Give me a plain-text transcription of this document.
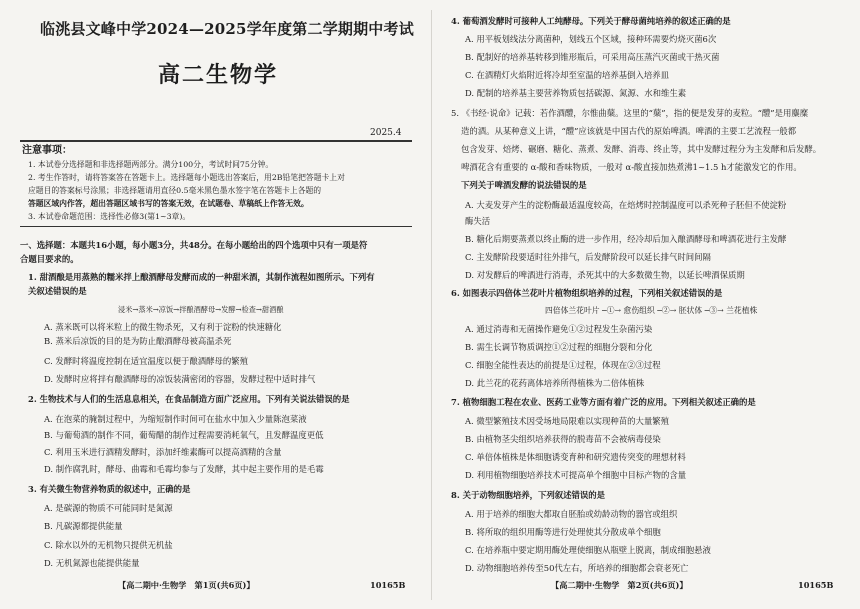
临洮县文峰中学2024—2025学年度第二学期期中考试
高二生物学
2025.4
注意事项：
1. 本试卷分选择题和非选择题两部分。满分100分，考试时间75分钟。
2. 考生作答时，请将答案答在答题卡上。选择题每小题选出答案后，用2B铅笔把答题卡上对
应题目的答案标号涂黑；非选择题请用直径0.5毫米黑色墨水签字笔在答题卡上各题的
答题区域内作答，超出答题区域书写的答案无效，在试题卷、草稿纸上作答无效。
3. 本试卷命题范围：选择性必修3(第1~3章)。
一、选择题：本题共16小题，每小题3分，共48分。在每小题给出的四个选项中只有一项是符
合题目要求的。
1. 甜酒酿是用蒸熟的糯米拌上酿酒酵母发酵而成的一种甜米酒，其制作流程如图所示。下列有
关叙述错误的是
浸米→蒸米→凉饭→拌酿酒酵母→发酵→检查→甜酒酿
A. 蒸米既可以将米粒上的微生物杀死，又有利于淀粉的快速糖化
B. 蒸米后凉饭的目的是为防止酿酒酵母被高温杀死
C. 发酵时将温度控制在适宜温度以便于酿酒酵母的繁殖
D. 发酵时应将拌有酿酒酵母的凉饭装满密闭的容器，发酵过程中适时排气
2. 生物技术与人们的生活息息相关，在食品制造方面广泛应用。下列有关说法错误的是
A. 在泡菜的腌制过程中，为缩短制作时间可在盐水中加入少量陈泡菜液
B. 与葡萄酒的制作不同，葡萄醋的制作过程需要消耗氧气，且发酵温度更低
C. 利用玉米进行酒精发酵时，添加纤维素酶可以提高酒精的含量
D. 制作腐乳时，酵母、曲霉和毛霉均参与了发酵，其中起主要作用的是毛霉
3. 有关微生物营养物质的叙述中，正确的是
A. 是碳源的物质不可能同时是氮源
B. 凡碳源都提供能量
C. 除水以外的无机物只提供无机盐
D. 无机氮源也能提供能量
【高二期中·生物学　第1页(共6页)】	10165B
4. 葡萄酒发酵时可接种人工纯酵母。下列关于酵母菌纯培养的叙述正确的是
A. 用平板划线法分离菌种，划线五个区域，接种环需要灼烧灭菌6次
B. 配制好的培养基转移到锥形瓶后，可采用高压蒸汽灭菌或干热灭菌
C. 在酒精灯火焰附近将冷却至室温的培养基倒入培养皿
D. 配制的培养基主要营养物质包括碳源、氮源、水和维生素
5. 《书经·说命》记载：若作酒醴，尔惟曲蘖。这里的“蘖”，指的便是发芽的麦粒。“醴”是用麋糜
造的酒。从某种意义上讲，“醴”应该就是中国古代的原始啤酒。啤酒的主要工艺流程一般都
包含发芽、焙烤、碾磨、糖化、蒸煮、发酵、消毒、终止等，其中发酵过程分为主发酵和后发酵。
啤酒花含有重要的 α-酸和香味物质，一般对 α-酸直接加热煮沸1~1.5 h才能激发它的作用。
下列关于啤酒发酵的说法错误的是
A. 大麦发芽产生的淀粉酶最适温度较高，在焙烤时控制温度可以杀死种子胚但不使淀粉
酶失活
B. 糖化后期要蒸煮以终止酶的进一步作用，经冷却后加入酿酒酵母和啤酒花进行主发酵
C. 主发酵阶段要适时往外排气，后发酵阶段可以延长排气时间间隔
D. 对发酵后的啤酒进行消毒，杀死其中的大多数微生物，以延长啤酒保质期
6. 如图表示四倍体兰花叶片植物组织培养的过程，下列相关叙述错误的是
四倍体兰花叶片 ─①→ 愈伤组织 ─②→ 胚状体 ─③→ 兰花植株
A. 通过消毒和无菌操作避免①②过程发生杂菌污染
B. 需生长调节物质调控①②过程的细胞分裂和分化
C. 细胞全能性表达的前提是①过程，体现在②③过程
D. 此兰花的花药离体培养所得植株为二倍体植株
7. 植物细胞工程在农业、医药工业等方面有着广泛的应用。下列相关叙述正确的是
A. 微型繁殖技术因受场地局限难以实现种苗的大量繁殖
B. 由植物茎尖组织培养获得的脱毒苗不会被病毒侵染
C. 单倍体植株是体细胞诱变育种和研究遗传突变的理想材料
D. 利用植物细胞培养技术可提高单个细胞中目标产物的含量
8. 关于动物细胞培养，下列叙述错误的是
A. 用于培养的细胞大都取自胚胎或幼龄动物的器官或组织
B. 将所取的组织用酶等进行处理使其分散成单个细胞
C. 在培养瓶中要定期用酶处理使细胞从瓶壁上脱离，制成细胞悬液
D. 动物细胞培养传至50代左右，所培养的细胞都会衰老死亡
【高二期中·生物学　第2页(共6页)】	10165B
